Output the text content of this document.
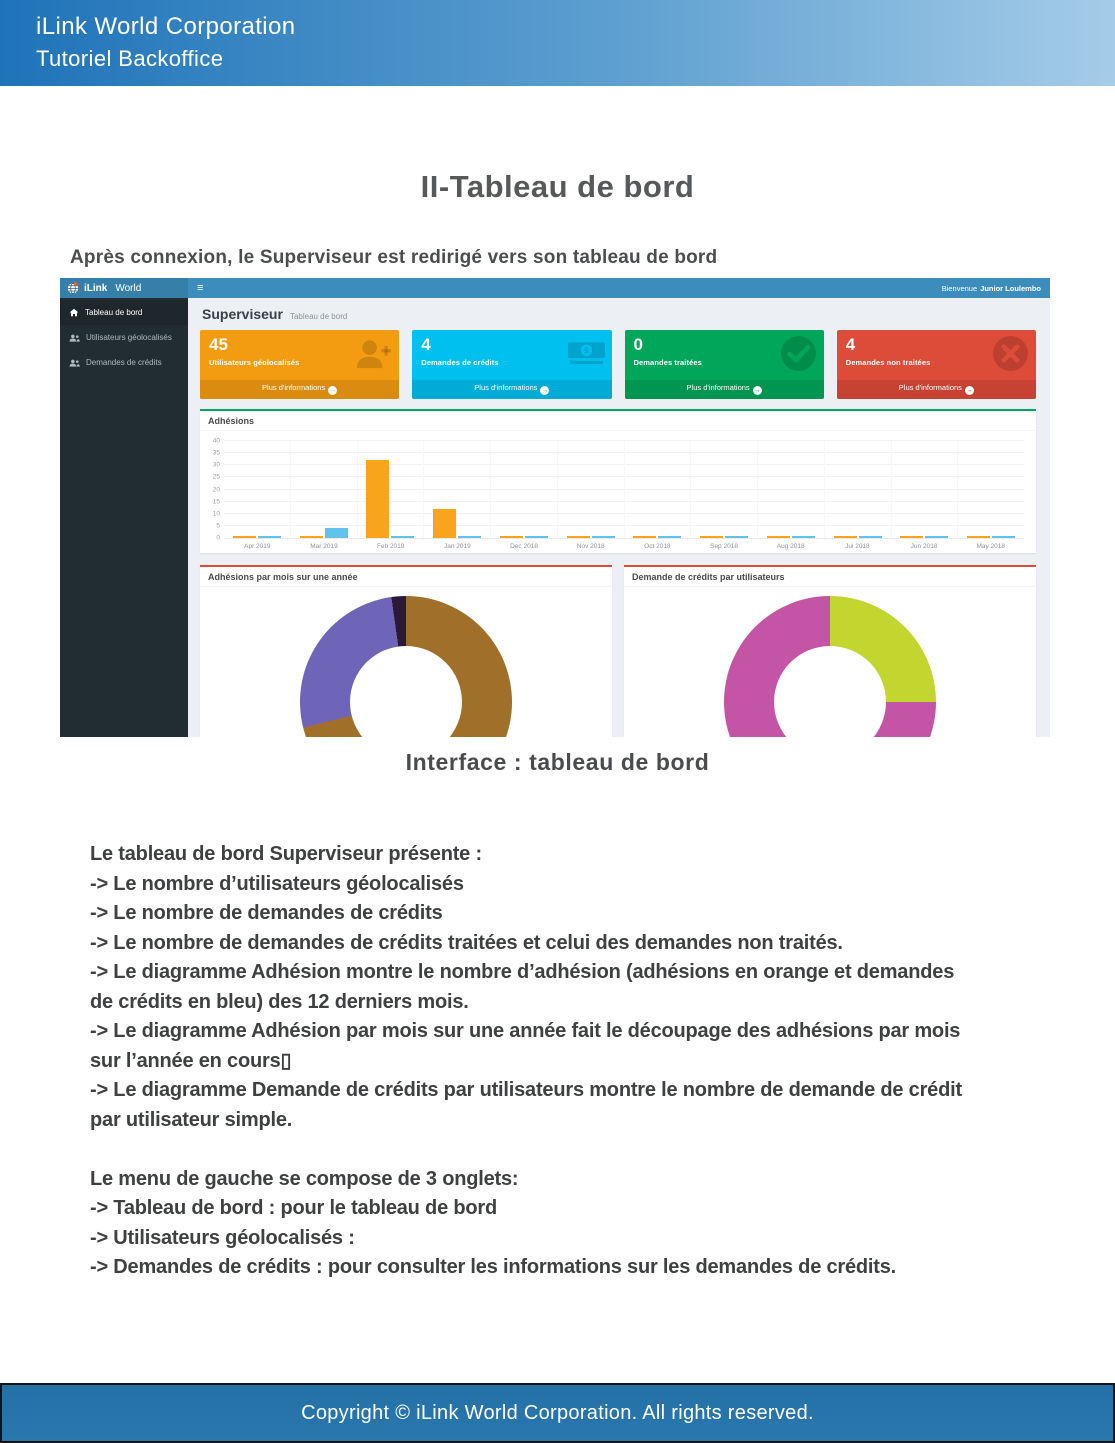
iLink World Corporation
Tutoriel Backoffice
II-Tableau de bord
Après connexion, le Superviseur est redirigé vers son tableau de bord
iLink World	≡	Bienvenue Junior Loulembo
Tableau de bord
Utilisateurs géolocalisés
Demandes de crédits
Superviseur Tableau de bord
45
Utilisateurs géolocalisés
Plus d'informations→
4
Demandes de crédits
$
Plus d'informations→
0
Demandes traitées
Plus d'informations→
4
Demandes non traitées
Plus d'informations→
Adhésions
0
5
10
15
20
25
30
35
40
Apr 2019	Mar 2019	Feb 2019	Jan 2019	Dec 2018	Nov 2018	Oct 2018	Sep 2018	Aug 2018	Jul 2018	Jun 2018	May 2018
Adhésions par mois sur une année	Demande de crédits par utilisateurs
Interface : tableau de bord
Le tableau de bord Superviseur présente :
-> Le nombre d’utilisateurs géolocalisés
-> Le nombre de demandes de crédits
-> Le nombre de demandes de crédits traitées et celui des demandes non traités.
-> Le diagramme Adhésion montre le nombre d’adhésion (adhésions en orange et demandes
de crédits en bleu) des 12 derniers mois.
-> Le diagramme Adhésion par mois sur une année fait le découpage des adhésions par mois
sur l’année en cours▯
-> Le diagramme Demande de crédits par utilisateurs montre le nombre de demande de crédit
par utilisateur simple.
Le menu de gauche se compose de 3 onglets:
-> Tableau de bord : pour le tableau de bord
-> Utilisateurs géolocalisés :
-> Demandes de crédits : pour consulter les informations sur les demandes de crédits.
Copyright © iLink World Corporation. All rights reserved.
